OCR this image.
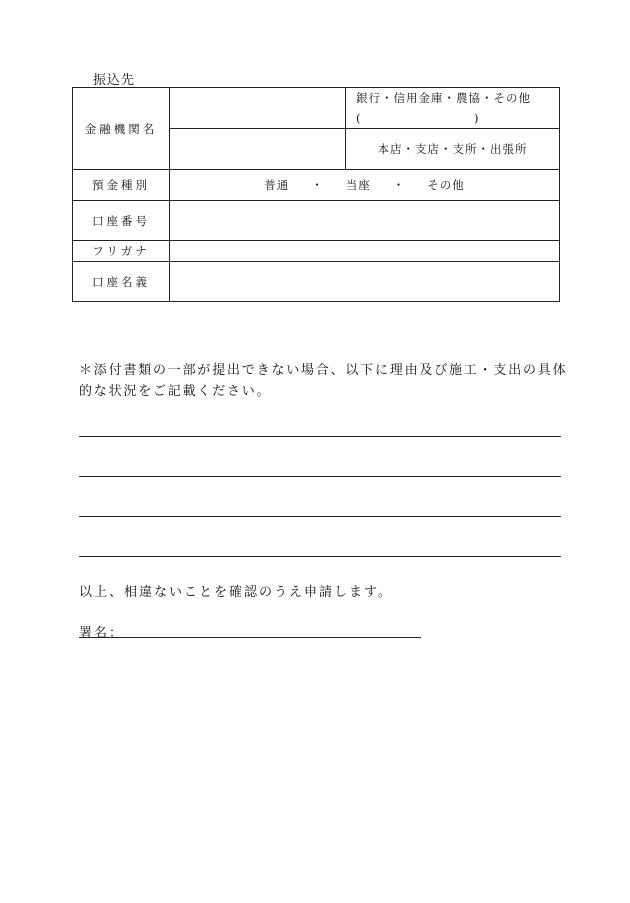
振込先
金融機関名		銀行・信用金庫・農協・その他
(　　　　　　　　　)

		本店・支店・支所・出張所
預金種別	普通 ・ 当座 ・ その他	
口座番号		
フリガナ		
口座名義		
＊添付書類の一部が提出できない場合、以下に理由及び施工・支出の具体的な状況をご記載ください。
以上、相違ないことを確認のうえ申請します。
署名：
